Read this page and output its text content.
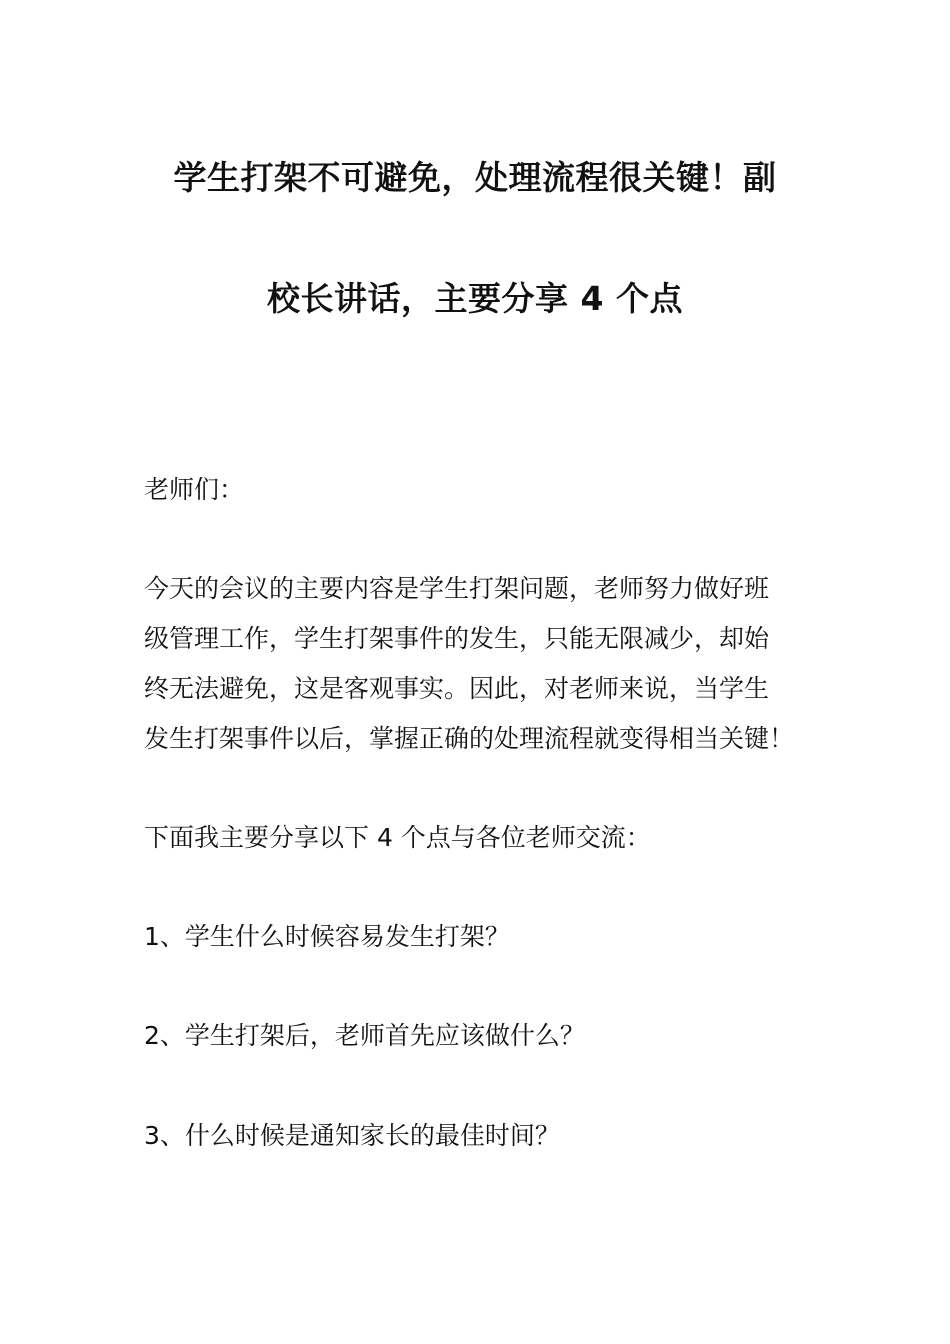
学生打架不可避免，处理流程很关键！副
校长讲话，主要分享 4 个点

老师们：

今天的会议的主要内容是学生打架问题，老师努力做好班
级管理工作，学生打架事件的发生，只能无限减少，却始
终无法避免，这是客观事实。因此，对老师来说，当学生
发生打架事件以后，掌握正确的处理流程就变得相当关键！

下面我主要分享以下 4 个点与各位老师交流：

1、学生什么时候容易发生打架？

2、学生打架后，老师首先应该做什么？

3、什么时候是通知家长的最佳时间？
